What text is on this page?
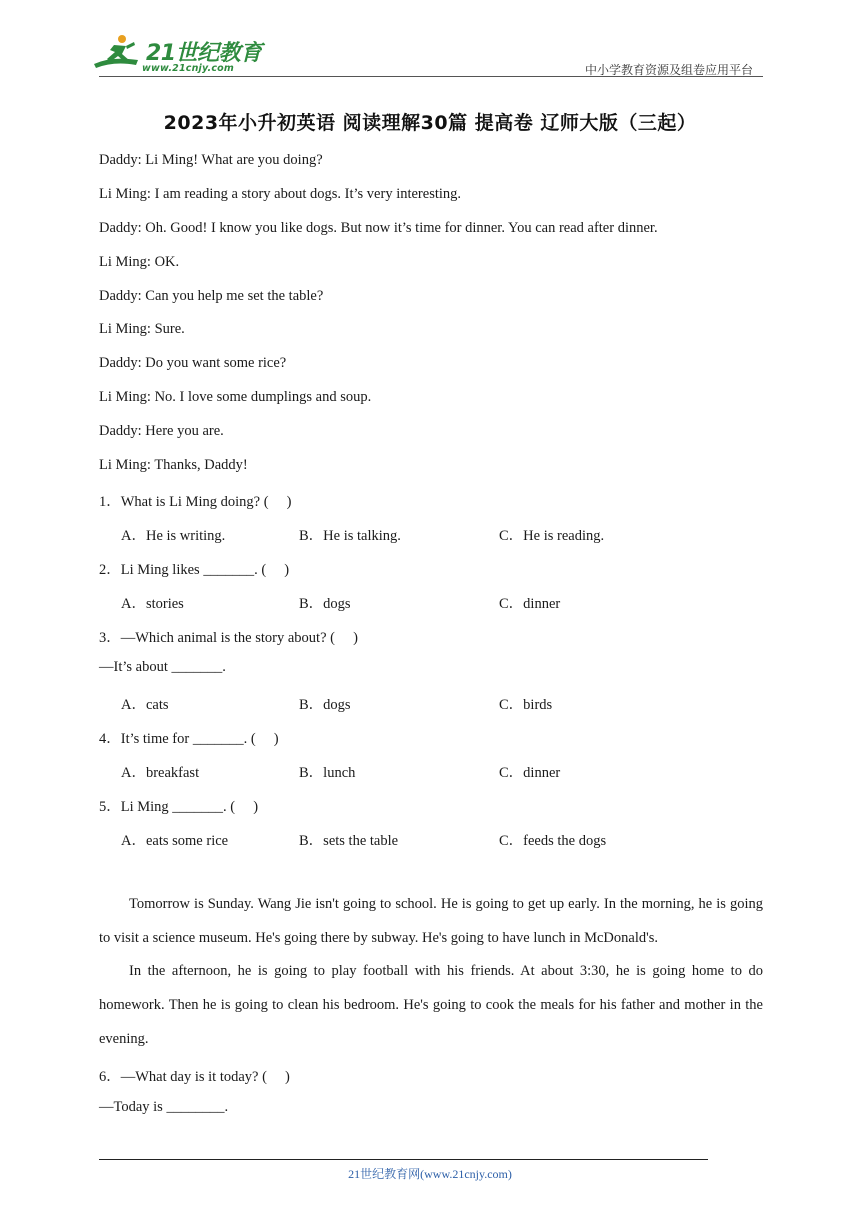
21世纪教育
www.21cnjy.com	中小学教育资源及组卷应用平台
2023年小升初英语 阅读理解30篇 提高卷 辽师大版（三起）
Daddy: Li Ming! What are you doing?
Li Ming: I am reading a story about dogs. It’s very interesting.
Daddy: Oh. Good! I know you like dogs. But now it’s time for dinner. You can read after dinner.
Li Ming: OK.
Daddy: Can you help me set the table?
Li Ming: Sure.
Daddy: Do you want some rice?
Li Ming: No. I love some dumplings and soup.
Daddy: Here you are.
Li Ming: Thanks, Daddy!
1．What is Li Ming doing? (　 )
A．He is writing.	B．He is talking.	C．He is reading.
2．Li Ming likes _______. (　 )
A．stories	B．dogs	C．dinner
3．—Which animal is the story about? (　 )
—It’s about _______.
A．cats	B．dogs	C．birds
4．It’s time for _______. (　 )
A．breakfast	B．lunch	C．dinner
5．Li Ming _______. (　 )
A．eats some rice	B．sets the table	C．feeds the dogs
Tomorrow is Sunday. Wang Jie isn't going to school. He is going to get up early. In the morning, he is going to visit a science museum. He's going there by subway. He's going to have lunch in McDonald's.
In the afternoon, he is going to play football with his friends. At about 3:30, he is going home to do homework. Then he is going to clean his bedroom. He's going to cook the meals for his father and mother in the evening.
6．—What day is it today? (　 )
—Today is ________.
21世纪教育网(www.21cnjy.com)
